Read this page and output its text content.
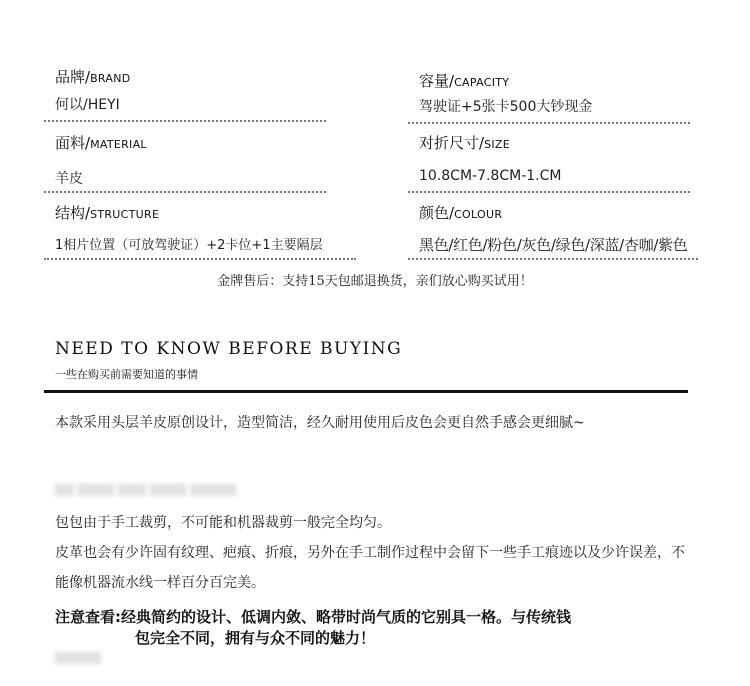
品牌/BRAND
何以/HEYI
面料/MATERIAL
羊皮
结构/STRUCTURE
1相片位置（可放驾驶证）+2卡位+1主要隔层
容量/CAPACITY
驾驶证+5张卡500大钞现金
对折尺寸/SIZE
10.8CM-7.8CM-1.CM
颜色/COLOUR
黑色/红色/粉色/灰色/绿色/深蓝/杏咖/紫色
金牌售后：支持15天包邮退换货，亲们放心购买试用！
NEED TO KNOW BEFORE BUYING
一些在购买前需要知道的事情
本款采用头层羊皮原创设计，造型简洁，经久耐用使用后皮色会更自然手感会更细腻~
▇▇ ▇▇▇▇ ▇▇▇ ▇▇▇▇ ▇▇▇▇▇
包包由于手工裁剪，不可能和机器裁剪一般完全均匀。
皮革也会有少许固有纹理、疤痕、折痕，另外在手工制作过程中会留下一些手工痕迹以及少许误差，不能像机器流水线一样百分百完美。
注意查看:经典简约的设计、低调内敛、略带时尚气质的它别具一格。与传统钱
包完全不同，拥有与众不同的魅力！
▇▇▇▇▇
